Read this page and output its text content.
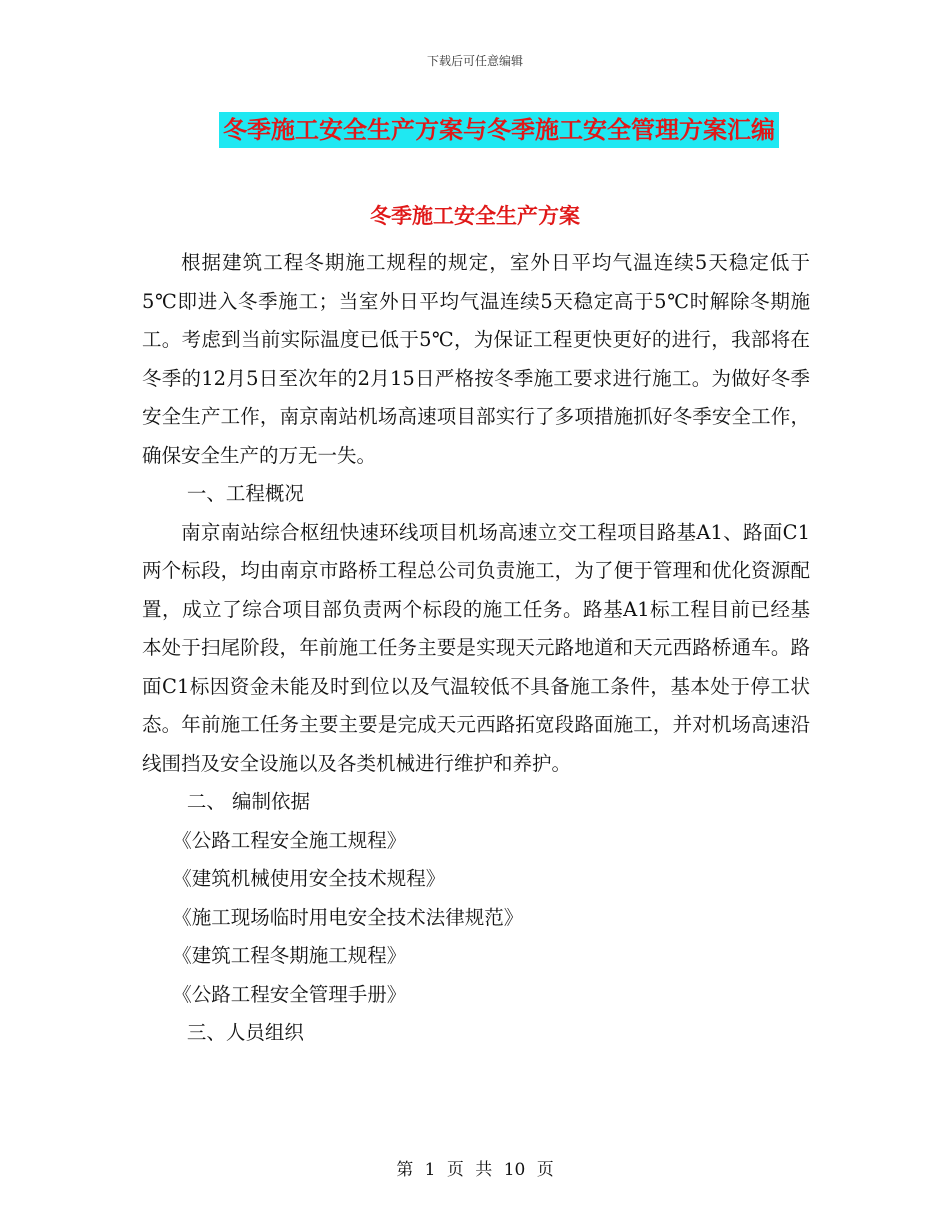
下载后可任意编辑
冬季施工安全生产方案与冬季施工安全管理方案汇编
冬季施工安全生产方案

根据建筑工程冬期施工规程的规定，室外日平均气温连续5天稳定低于5℃即进入冬季施工；当室外日平均气温连续5天稳定高于5℃时解除冬期施工。考虑到当前实际温度已低于5℃，为保证工程更快更好的进行，我部将在冬季的12月5日至次年的2月15日严格按冬季施工要求进行施工。为做好冬季安全生产工作，南京南站机场高速项目部实行了多项措施抓好冬季安全工作，确保安全生产的万无一失。

一、工程概况

南京南站综合枢纽快速环线项目机场高速立交工程项目路基A1、路面C1两个标段，均由南京市路桥工程总公司负责施工，为了便于管理和优化资源配置，成立了综合项目部负责两个标段的施工任务。路基A1标工程目前已经基本处于扫尾阶段，年前施工任务主要是实现天元路地道和天元西路桥通车。路面C1标因资金未能及时到位以及气温较低不具备施工条件，基本处于停工状态。年前施工任务主要主要是完成天元西路拓宽段路面施工，并对机场高速沿线围挡及安全设施以及各类机械进行维护和养护。

二、 编制依据

《公路工程安全施工规程》

《建筑机械使用安全技术规程》

《施工现场临时用电安全技术法律规范》

《建筑工程冬期施工规程》

《公路工程安全管理手册》

三、人员组织

第 1 页 共 10 页
